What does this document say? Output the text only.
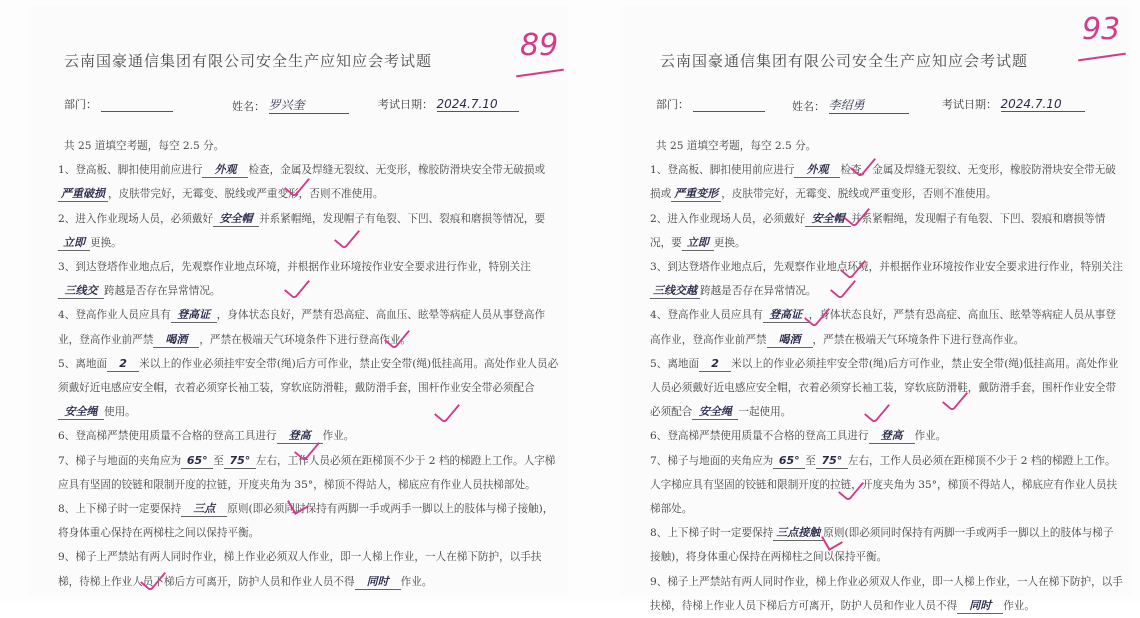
云南国豪通信集团有限公司安全生产应知应会考试题	89
部门：	姓名： 罗兴奎	考试日期： 2024.7.10

共 25 道填空考题，每空 2.5 分。

1、登高板、脚扣使用前应进行 外观 检查，金属及焊缝无裂纹、无变形，橡胶防滑块安全带无破损或严重破损 ，皮肤带完好，无霉变、脱线或严重变形，否则不准使用。

2、进入作业现场人员，必须戴好 安全帽 并系紧帽绳，发现帽子有龟裂、下凹、裂痕和磨损等情况，要立即 更换。

3、到达登塔作业地点后，先观察作业地点环境，并根据作业环境按作业安全要求进行作业，特别关注三线交 跨越是否存在异常情况。

4、登高作业人员应具有 登高证 ，身体状态良好，严禁有恐高症、高血压、眩晕等病症人员从事登高作业，登高作业前严禁 喝酒 ，严禁在极端天气环境条件下进行登高作业。

5、离地面 2 米以上的作业必须挂牢安全带(绳)后方可作业，禁止安全带(绳)低挂高用。高处作业人员必须戴好近电感应安全帽，衣着必须穿长袖工装，穿软底防滑鞋，戴防滑手套，围杆作业安全带必须配合安全绳 使用。

6、登高梯严禁使用质量不合格的登高工具进行 登高 作业。

7、梯子与地面的夹角应为 65° 至 75° 左右，工作人员必须在距梯顶不少于 2 档的梯蹬上工作。人字梯应具有坚固的铰链和限制开度的拉链，开度夹角为 35°，梯顶不得站人，梯底应有作业人员扶梯部处。

8、上下梯子时一定要保持 三点 原则(即必须同时保持有两脚一手或两手一脚以上的肢体与梯子接触)，将身体重心保持在两梯柱之间以保持平衡。

9、梯子上严禁站有两人同时作业，梯上作业必须双人作业，即一人梯上作业，一人在梯下防护，以手扶梯，待梯上作业人员下梯后方可离开，防护人员和作业人员不得 同时 作业。

云南国豪通信集团有限公司安全生产应知应会考试题
93
部门：	姓名： 李绍勇	考试日期： 2024.7.10

共 25 道填空考题，每空 2.5 分。

1、登高板、脚扣使用前应进行 外观 检查，金属及焊缝无裂纹、无变形，橡胶防滑块安全带无破损或 严重变形 ，皮肤带完好，无霉变、脱线或严重变形，否则不准使用。

2、进入作业现场人员，必须戴好 安全帽 并系紧帽绳，发现帽子有龟裂、下凹、裂痕和磨损等情况，要 立即 更换。

3、到达登塔作业地点后，先观察作业地点环境，并根据作业环境按作业安全要求进行作业，特别关注三线交越 跨越是否存在异常情况。

4、登高作业人员应具有 登高证 ，身体状态良好，严禁有恐高症、高血压、眩晕等病症人员从事登高作业，登高作业前严禁 喝酒 ，严禁在极端天气环境条件下进行登高作业。

5、离地面 2 米以上的作业必须挂牢安全带(绳)后方可作业，禁止安全带(绳)低挂高用。高处作业人员必须戴好近电感应安全帽，衣着必须穿长袖工装，穿软底防滑鞋，戴防滑手套，围杆作业安全带必须配合 安全绳 一起使用。

6、登高梯严禁使用质量不合格的登高工具进行 登高 作业。

7、梯子与地面的夹角应为 65° 至 75° 左右，工作人员必须在距梯顶不少于 2 档的梯蹬上工作。人字梯应具有坚固的铰链和限制开度的拉链，开度夹角为 35°，梯顶不得站人，梯底应有作业人员扶梯部处。

8、上下梯子时一定要保持 三点接触 原则(即必须同时保持有两脚一手或两手一脚以上的肢体与梯子接触)，将身体重心保持在两梯柱之间以保持平衡。

9、梯子上严禁站有两人同时作业，梯上作业必须双人作业，即一人梯上作业，一人在梯下防护，以手扶梯，待梯上作业人员下梯后方可离开，防护人员和作业人员不得 同时 作业。
